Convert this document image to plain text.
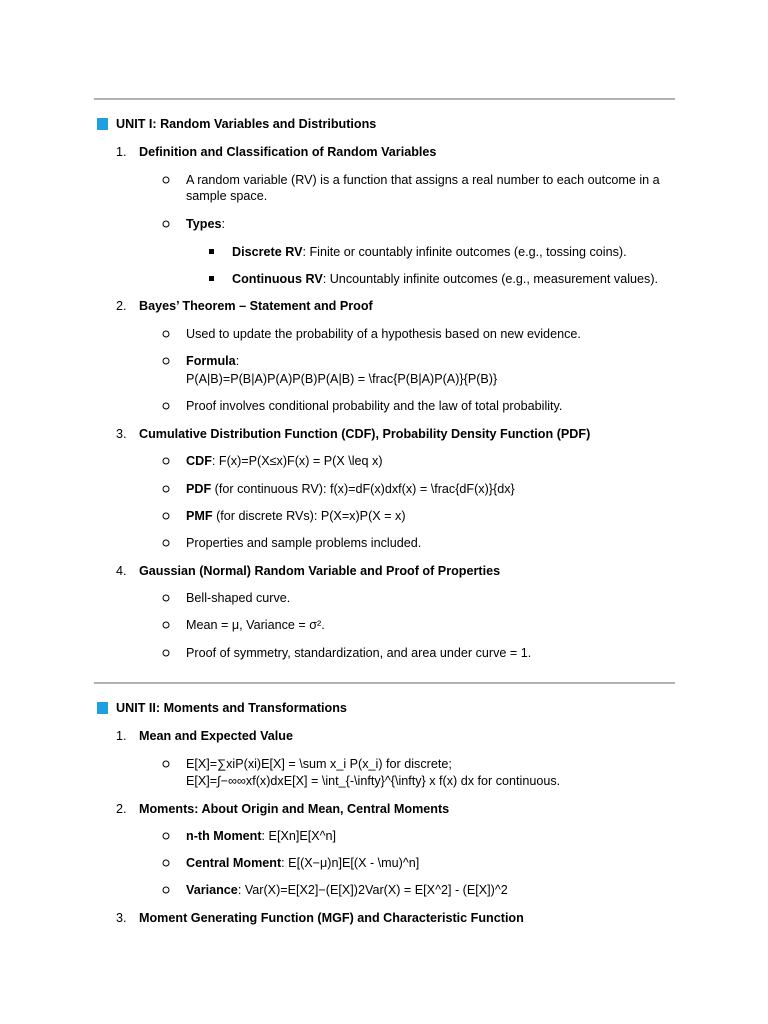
UNIT I: Random Variables and Distributions
1. Definition and Classification of Random Variables
A random variable (RV) is a function that assigns a real number to each outcome in a sample space.
Types:
Discrete RV: Finite or countably infinite outcomes (e.g., tossing coins).
Continuous RV: Uncountably infinite outcomes (e.g., measurement values).
2. Bayes’ Theorem – Statement and Proof
Used to update the probability of a hypothesis based on new evidence.
Formula:
P(A|B)=P(B|A)P(A)P(B)P(A|B) = \frac{P(B|A)P(A)}{P(B)}
Proof involves conditional probability and the law of total probability.
3. Cumulative Distribution Function (CDF), Probability Density Function (PDF)
CDF: F(x)=P(X≤x)F(x) = P(X \leq x)
PDF (for continuous RV): f(x)=dF(x)dxf(x) = \frac{dF(x)}{dx}
PMF (for discrete RVs): P(X=x)P(X = x)
Properties and sample problems included.
4. Gaussian (Normal) Random Variable and Proof of Properties
Bell-shaped curve.
Mean = μ, Variance = σ².
Proof of symmetry, standardization, and area under curve = 1.
UNIT II: Moments and Transformations
1. Mean and Expected Value
E[X]=∑xiP(xi)E[X] = \sum x_i P(x_i) for discrete;
E[X]=∫−∞∞xf(x)dxE[X] = \int_{-\infty}^{\infty} x f(x) dx for continuous.
2. Moments: About Origin and Mean, Central Moments
n-th Moment: E[Xn]E[X^n]
Central Moment: E[(X−μ)n]E[(X - \mu)^n]
Variance: Var(X)=E[X2]−(E[X])2Var(X) = E[X^2] - (E[X])^2
3. Moment Generating Function (MGF) and Characteristic Function
